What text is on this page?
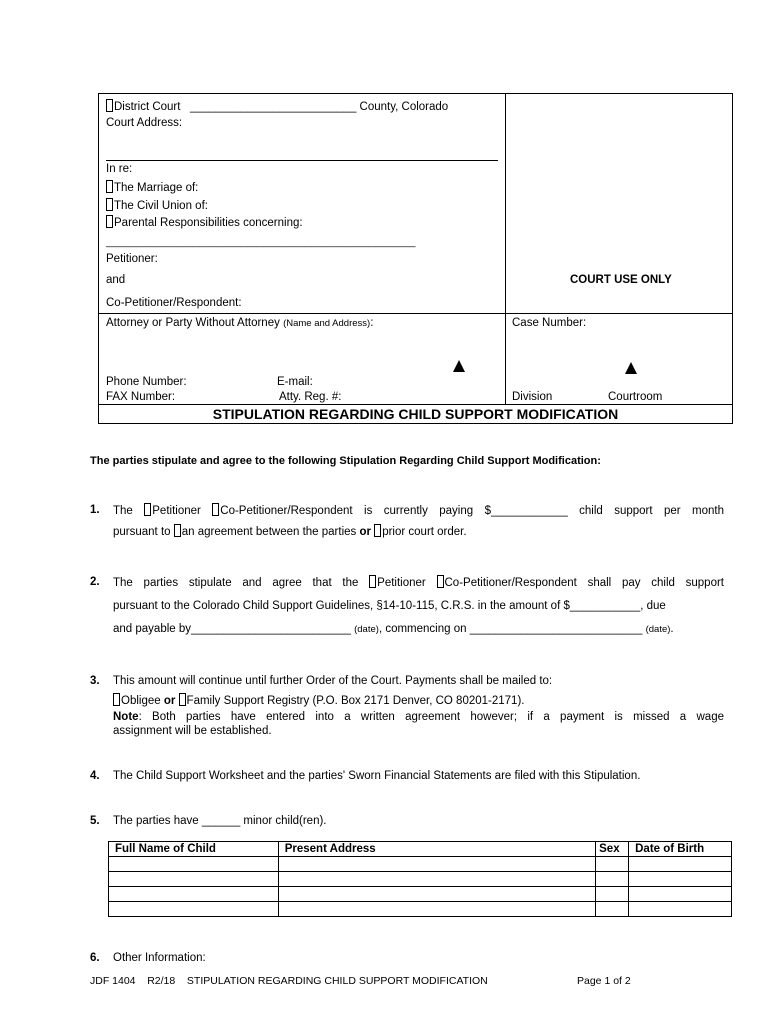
District Court __________________________ County, Colorado
Court Address:
In re:
The Marriage of:
The Civil Union of:
Parental Responsibilities concerning:
_____________________________________________________
Petitioner:
and
Co-Petitioner/Respondent:
COURT USE ONLY
Attorney or Party Without Attorney (Name and Address):	Case Number:
Phone Number:	E-mail:
FAX Number:	Atty. Reg. #:	Division	Courtroom
STIPULATION REGARDING CHILD SUPPORT MODIFICATION
The parties stipulate and agree to the following Stipulation Regarding Child Support Modification:
1. The Petitioner Co-Petitioner/Respondent is currently paying $____________ child support per month
pursuant to an agreement between the parties or prior court order.
2. The parties stipulate and agree that the Petitioner Co-Petitioner/Respondent shall pay child support
pursuant to the Colorado Child Support Guidelines, §14-10-115, C.R.S. in the amount of $___________, due
and payable by_________________________ (date), commencing on ___________________________ (date).
3. This amount will continue until further Order of the Court. Payments shall be mailed to:
Obligee or Family Support Registry (P.O. Box 2171 Denver, CO 80201-2171).
Note: Both parties have entered into a written agreement however; if a payment is missed a wage
assignment will be established.
4. The Child Support Worksheet and the parties' Sworn Financial Statements are filed with this Stipulation.
5. The parties have ______ minor child(ren).
Full Name of Child	Present Address	Sex	Date of Birth

6. Other Information:
JDF 1404 R2/18 STIPULATION REGARDING CHILD SUPPORT MODIFICATION	Page 1 of 2
